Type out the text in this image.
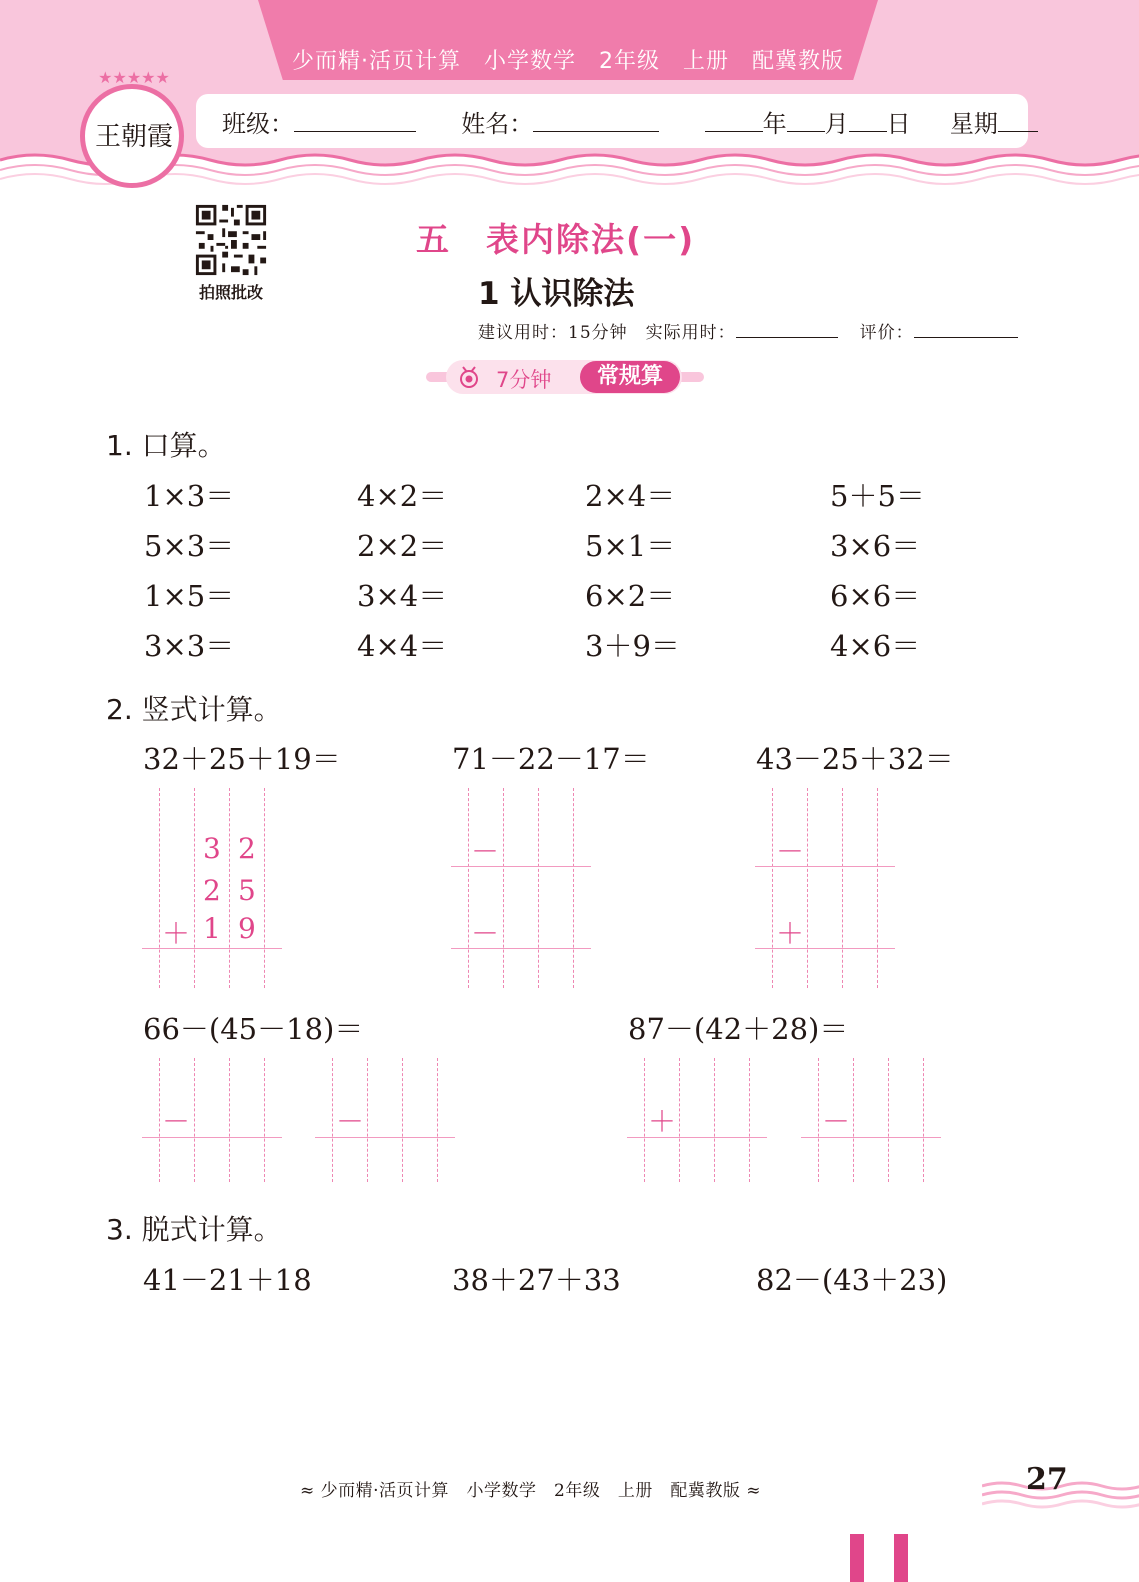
少而精·活页计算　小学数学　2年级　上册　配冀教版
班级：	姓名：	年 月 日 星期
★★★★★
王朝霞
拍照批改
五　表内除法(一)
1 认识除法
建议用时：15分钟 实际用时：	评价：
7分钟	常规算
1. 口算。
1×3＝	4×2＝	2×4＝	5＋5＝
5×3＝	2×2＝	5×1＝	3×6＝
1×5＝	3×4＝	6×2＝	6×6＝
3×3＝	4×4＝	3＋9＝	4×6＝
2. 竖式计算。
32＋25＋19＝	71－22－17＝	43－25＋32＝
3 2
2 5
＋ 1 9
－
－
－
＋
66－(45－18)＝	87－(42＋28)＝
－	－	＋	－
3. 脱式计算。
41－21＋18	38＋27＋33	82－(43＋23)
≈ 少而精·活页计算　小学数学　2年级　上册　配冀教版 ≈	27
